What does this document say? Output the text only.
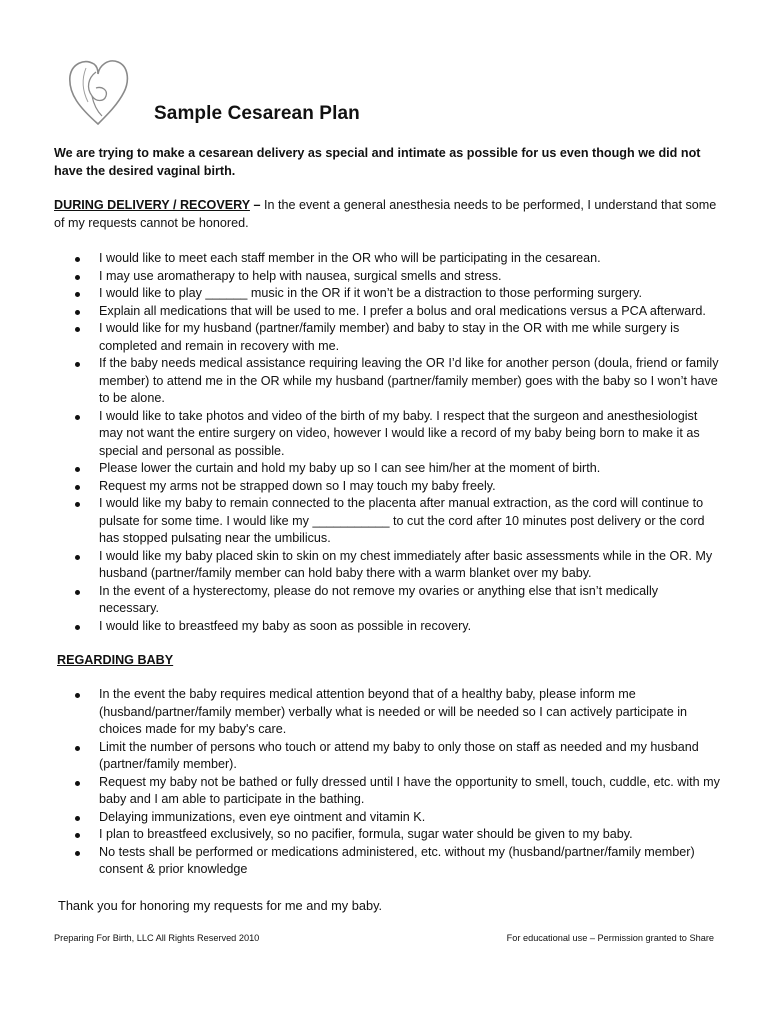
Sample Cesarean Plan
We are trying to make a cesarean delivery as special and intimate as possible for us even though we did not have the desired vaginal birth.
DURING DELIVERY / RECOVERY – In the event a general anesthesia needs to be performed, I understand that some of my requests cannot be honored.
I would like to meet each staff member in the OR who will be participating in the cesarean.
I may use aromatherapy to help with nausea, surgical smells and stress.
I would like to play ______ music in the OR if it won’t be a distraction to those performing surgery.
Explain all medications that will be used to me. I prefer a bolus and oral medications versus a PCA afterward.
I would like for my husband (partner/family member) and baby to stay in the OR with me while surgery is completed and remain in recovery with me.
If the baby needs medical assistance requiring leaving the OR I’d like for another person (doula, friend or family member) to attend me in the OR while my husband (partner/family member) goes with the baby so I won’t have to be alone.
I would like to take photos and video of the birth of my baby. I respect that the surgeon and anesthesiologist may not want the entire surgery on video, however I would like a record of my baby being born to make it as special and personal as possible.
Please lower the curtain and hold my baby up so I can see him/her at the moment of birth.
Request my arms not be strapped down so I may touch my baby freely.
I would like my baby to remain connected to the placenta after manual extraction, as the cord will continue to pulsate for some time. I would like my ___________ to cut the cord after 10 minutes post delivery or the cord has stopped pulsating near the umbilicus.
I would like my baby placed skin to skin on my chest immediately after basic assessments while in the OR. My husband (partner/family member can hold baby there with a warm blanket over my baby.
In the event of a hysterectomy, please do not remove my ovaries or anything else that isn’t medically necessary.
I would like to breastfeed my baby as soon as possible in recovery.
REGARDING BABY
In the event the baby requires medical attention beyond that of a healthy baby, please inform me (husband/partner/family member) verbally what is needed or will be needed so I can actively participate in choices made for my baby's care.
Limit the number of persons who touch or attend my baby to only those on staff as needed and my husband (partner/family member).
Request my baby not be bathed or fully dressed until I have the opportunity to smell, touch, cuddle, etc. with my baby and I am able to participate in the bathing.
Delaying immunizations, even eye ointment and vitamin K.
I plan to breastfeed exclusively, so no pacifier, formula, sugar water should be given to my baby.
No tests shall be performed or medications administered, etc. without my (husband/partner/family member) consent & prior knowledge
Thank you for honoring my requests for me and my baby.
Preparing For Birth, LLC All Rights Reserved 2010	For educational use – Permission granted to Share
